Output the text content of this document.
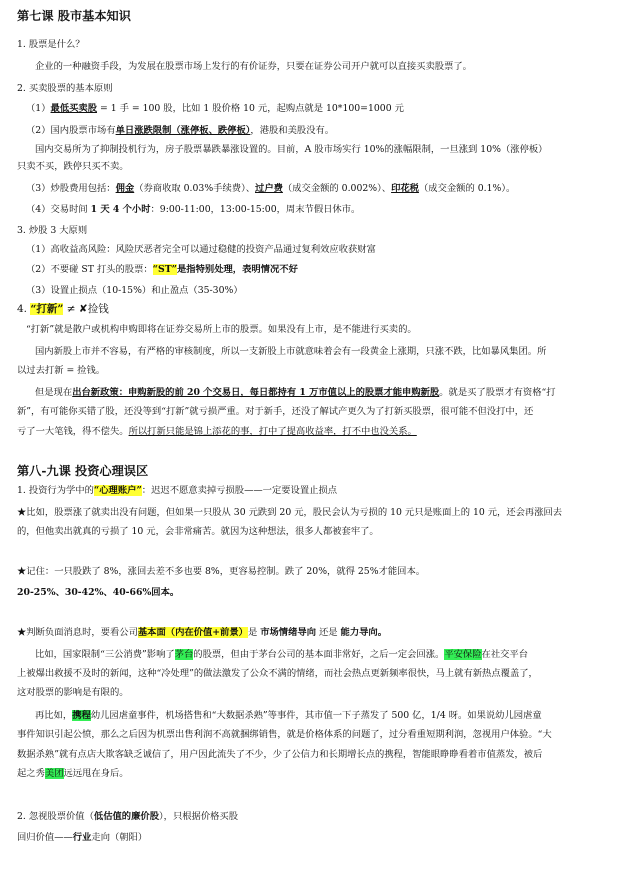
第七课 股市基本知识
1. 股票是什么？
企业的一种融资手段，为发展在股票市场上发行的有价证券，只要在证券公司开户就可以直接买卖股票了。
2. 买卖股票的基本原则
（1）最低买卖股 = 1 手 = 100 股，比如 1 股价格 10 元，起购点就是 10*100=1000 元
（2）国内股票市场有单日涨跌限制（涨停板、跌停板），港股和美股没有。
国内交易所为了抑制投机行为，房子股票暴跌暴涨设置的。目前，A 股市场实行 10%的涨幅限制，一旦涨到 10%（涨停板）
只卖不买，跌停只买不卖。
（3）炒股费用包括：佣金（券商收取 0.03%手续费）、过户费（成交金额的 0.002%）、印花税（成交金额的 0.1%）。
（4）交易时间 1 天 4 个小时：9:00-11:00，13:00-15:00，周末节假日休市。
3. 炒股 3 大原则
（1）高收益高风险：风险厌恶者完全可以通过稳健的投资产品通过复利效应收获财富
（2）不要碰 ST 打头的股票：“ST”是指特别处理，表明情况不好
（3）设置止损点（10-15%）和止盈点（35-30%）
4. “打新” ≠ ✘捡钱
“打新”就是散户或机构申购即将在证券交易所上市的股票。如果没有上市，是不能进行买卖的。
国内新股上市并不容易，有严格的审核制度，所以一支新股上市就意味着会有一段黄金上涨期，只涨不跌，比如暴风集团。所
以过去打新 = 捡钱。
但是现在出台新政策：申购新股的前 20 个交易日，每日都持有 1 万市值以上的股票才能申购新股。就是买了股票才有资格“打
新”，有可能你买错了股，还没等到“打新”就亏损严重。对于新手，还没了解试产更久为了打新买股票，很可能不但没打中，还
亏了一大笔钱，得不偿失。所以打新只能是锦上添花的事，打中了提高收益率，打不中也没关系。
第八-九课 投资心理误区
1. 投资行为学中的“心理账户”：迟迟不愿意卖掉亏损股——一定要设置止损点
★比如，股票涨了就卖出没有问题，但如果一只股从 30 元跌到 20 元，股民会认为亏损的 10 元只是账面上的 10 元，还会再涨回去
的，但他卖出就真的亏损了 10 元，会非常痛苦。就因为这种想法，很多人都被套牢了。
★记住：一只股跌了 8%，涨回去差不多也要 8%，更容易控制。跌了 20%，就得 25%才能回本。
20-25%、30-42%、40-66%回本。
★判断负面消息时，要看公司基本面（内在价值+前景）是 市场情绪导向 还是 能力导向。
比如，国家限制“三公消费”影响了茅台的股票，但由于茅台公司的基本面非常好，之后一定会回涨。平安保险在社交平台
上被爆出救援不及时的新闻，这种“冷处理”的做法激发了公众不满的情绪，而社会热点更新频率很快，马上就有新热点覆盖了，
这对股票的影响是有限的。
再比如，携程幼儿园虐童事件，机场搭售和“大数据杀熟”等事件，其市值一下子蒸发了 500 亿，1/4 呀。如果说幼儿园虐童
事件知识引起公愤，那么之后因为机票出售利润不高就捆绑销售，就是价格体系的问题了，过分看重短期利润，忽视用户体验。“大
数据杀熟”就有点店大欺客缺乏诚信了，用户因此流失了不少，少了公信力和长期增长点的携程，智能眼睁睁看着市值蒸发，被后
起之秀美团远远甩在身后。
2. 忽视股票价值（低估值的廉价股），只根据价格买股
回归价值——行业走向（朝阳）
